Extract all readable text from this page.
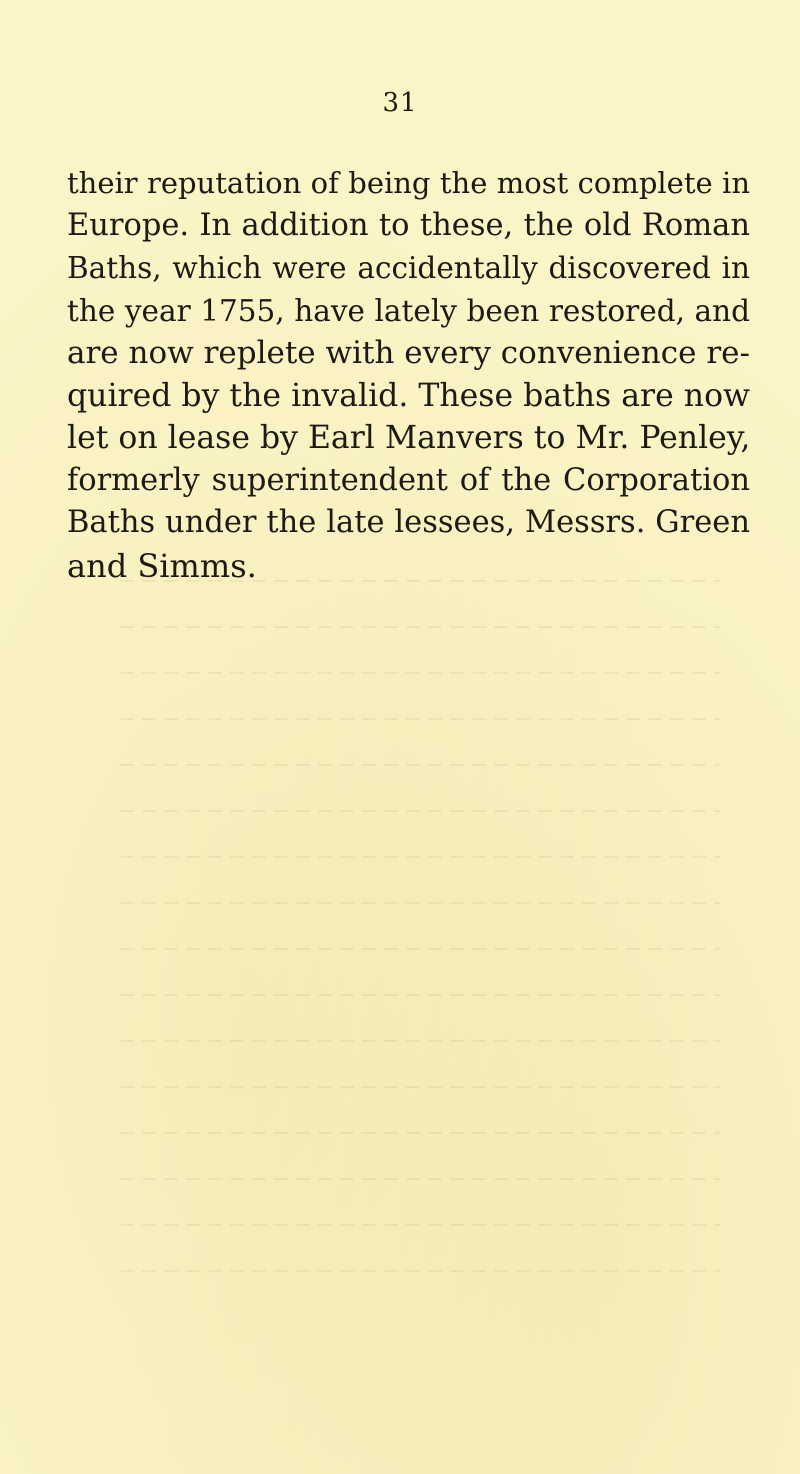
31
their reputation of being the most complete in
Europe. In addition to these, the old Roman
Baths, which were accidentally discovered in
the year 1755, have lately been restored, and
are now replete with every convenience re-
quired by the invalid. These baths are now
let on lease by Earl Manvers to Mr. Penley,
formerly superintendent of the Corporation
Baths under the late lessees, Messrs. Green
and Simms.
